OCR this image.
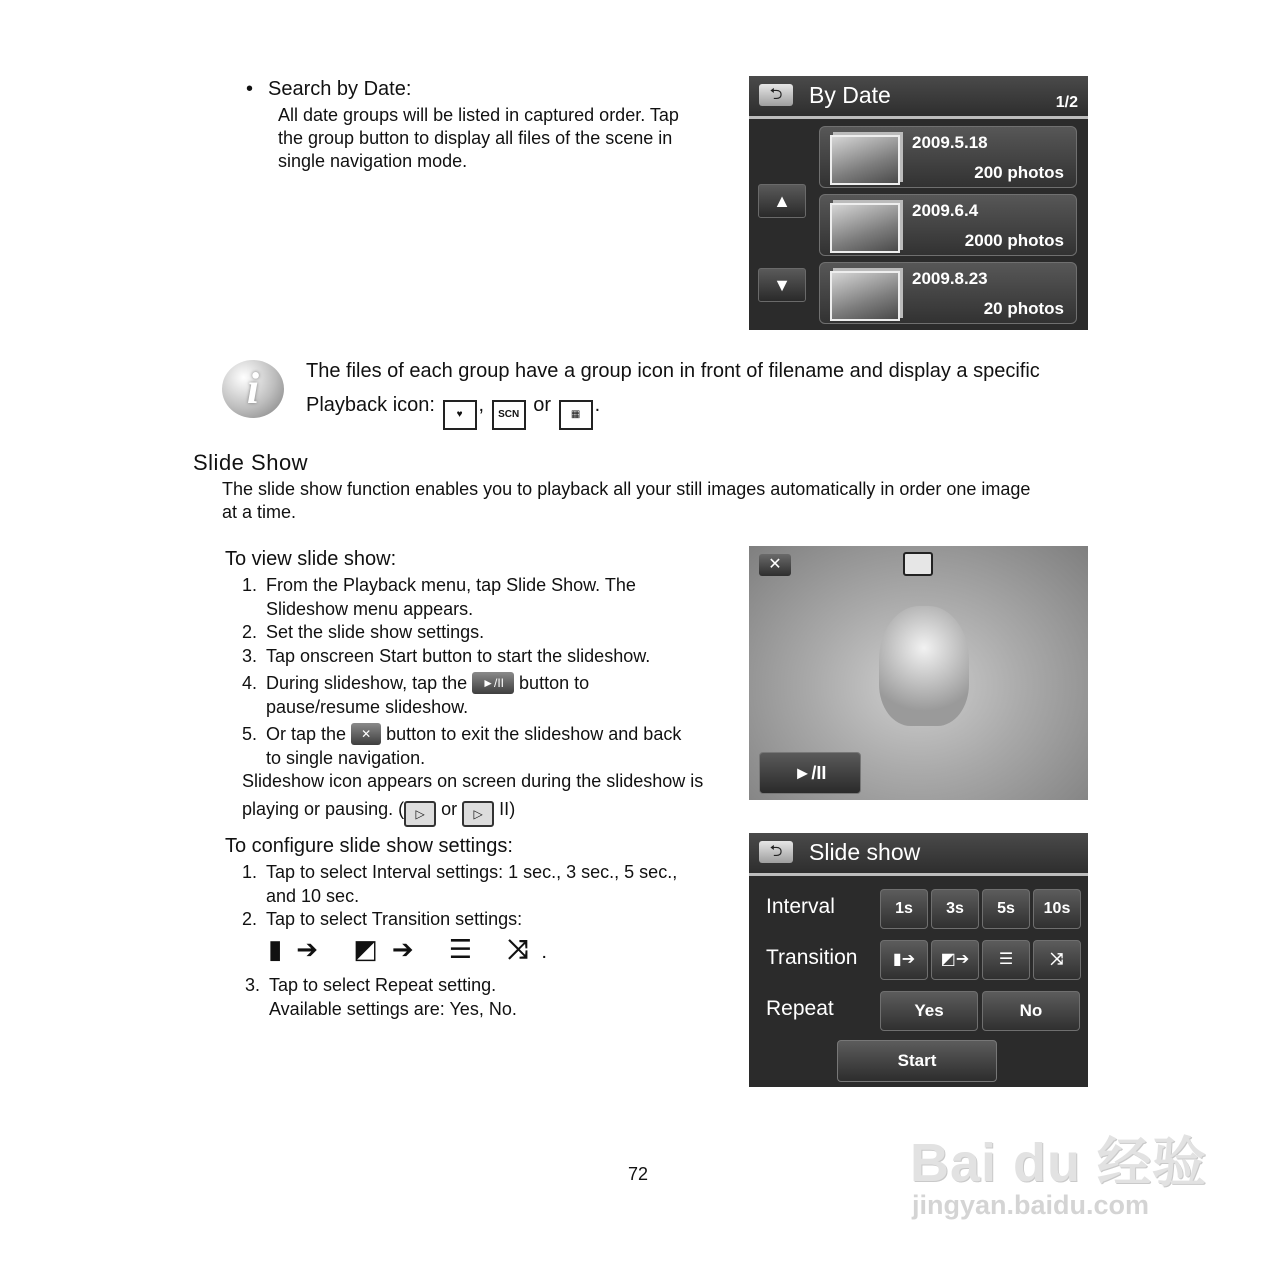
• Search by Date:
All date groups will be listed in captured order. Tap
the group button to display all files of the scene in
single navigation mode.
⮌	By Date	1/2
▲
▼
2009.5.18
200 photos
2009.6.4
2000 photos
2009.8.23
20 photos
i	The files of each group have a group icon in front of filename and display a specific
Playback icon: ♥ , SCN or ▦ .
Slide Show
The slide show function enables you to playback all your still images automatically in order one image
at a time.
To view slide show:
1. From the Playback menu, tap Slide Show. The
Slideshow menu appears.
2. Set the slide show settings.
3. Tap onscreen Start button to start the slideshow.
4. During slideshow, tap the ►/II button to
pause/resume slideshow.
5. Or tap the ✕ button to exit the slideshow and back
to single navigation.
Slideshow icon appears on screen during the slideshow is
playing or pausing. ( ▷ or ▷ II)
To configure slide show settings:
1. Tap to select Interval settings: 1 sec., 3 sec., 5 sec.,
and 10 sec.
2. Tap to select Transition settings:
▮➔ ◩➔ ☰ ⤨.
3. Tap to select Repeat setting.
Available settings are: Yes, No.
✕
►/II
⮌	Slide show
Interval	1s	3s	5s	10s
Transition	▮➔	◩➔	☰	⤨
Repeat	Yes	No
Start
72	Bai du 经验
jingyan.baidu.com
